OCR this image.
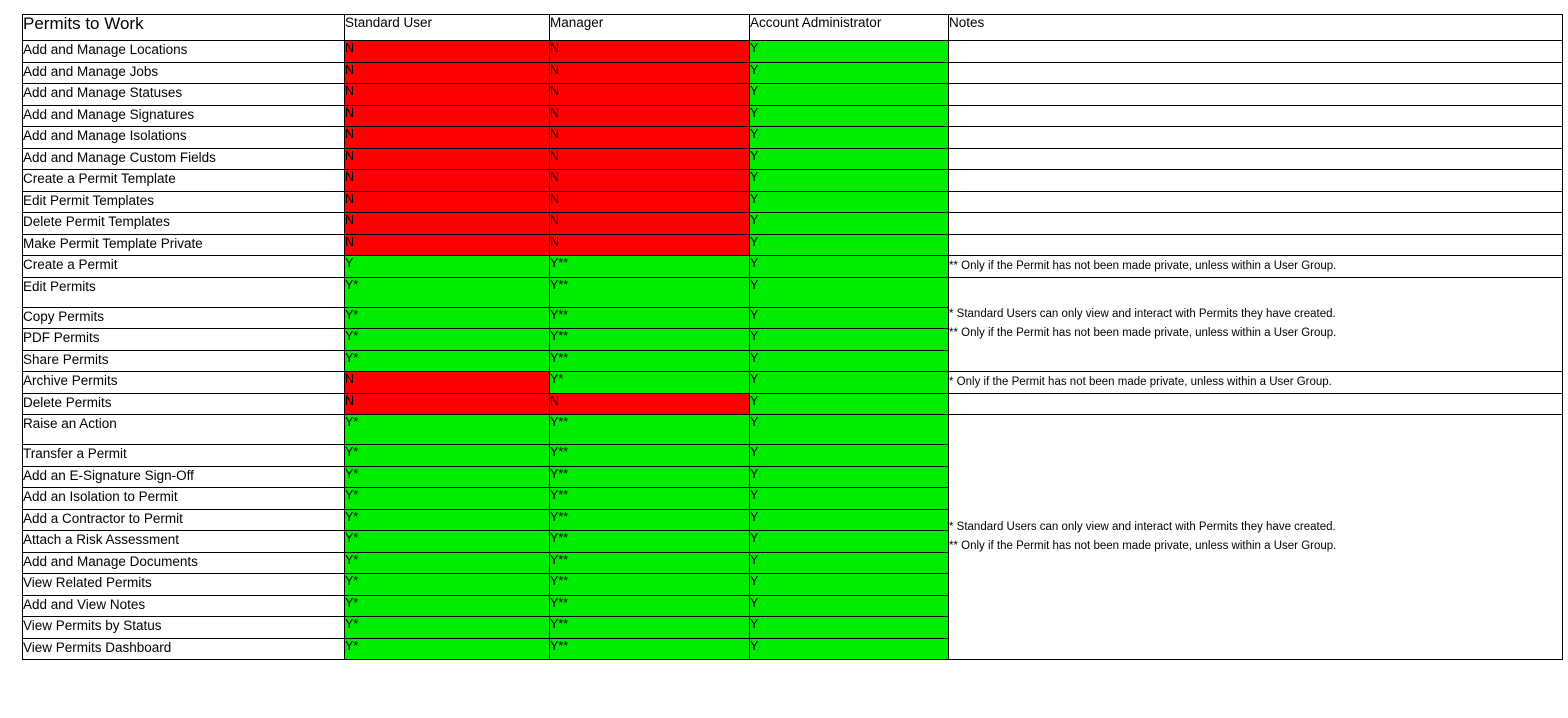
Permits to Work	Standard User	Manager	Account Administrator	Notes
Add and Manage Locations	N	N	Y	
Add and Manage Jobs	N	N	Y	
Add and Manage Statuses	N	N	Y	
Add and Manage Signatures	N	N	Y	
Add and Manage Isolations	N	N	Y	
Add and Manage Custom Fields	N	N	Y	
Create a Permit Template	N	N	Y	
Edit Permit Templates	N	N	Y	
Delete Permit Templates	N	N	Y	
Make Permit Template Private	N	N	Y	
Create a Permit	Y	Y**	Y	** Only if the Permit has not been made private, unless within a User Group.

Edit Permits	Y*	Y**	Y	* Standard Users can only view and interact with Permits they have created.
** Only if the Permit has not been made private, unless within a User Group.

Copy Permits	Y*	Y**	Y	
PDF Permits	Y*	Y**	Y	
Share Permits	Y*	Y**	Y	
Archive Permits	N	Y*	Y	* Only if the Permit has not been made private, unless within a User Group.

Delete Permits	N	N	Y	
Raise an Action	Y*	Y**	Y	* Standard Users can only view and interact with Permits they have created.
** Only if the Permit has not been made private, unless within a User Group.

Transfer a Permit	Y*	Y**	Y	
Add an E-Signature Sign-Off	Y*	Y**	Y	
Add an Isolation to Permit	Y*	Y**	Y	
Add a Contractor to Permit	Y*	Y**	Y	
Attach a Risk Assessment	Y*	Y**	Y	
Add and Manage Documents	Y*	Y**	Y	
View Related Permits	Y*	Y**	Y	
Add and View Notes	Y*	Y**	Y	
View Permits by Status	Y*	Y**	Y	
View Permits Dashboard	Y*	Y**	Y	
